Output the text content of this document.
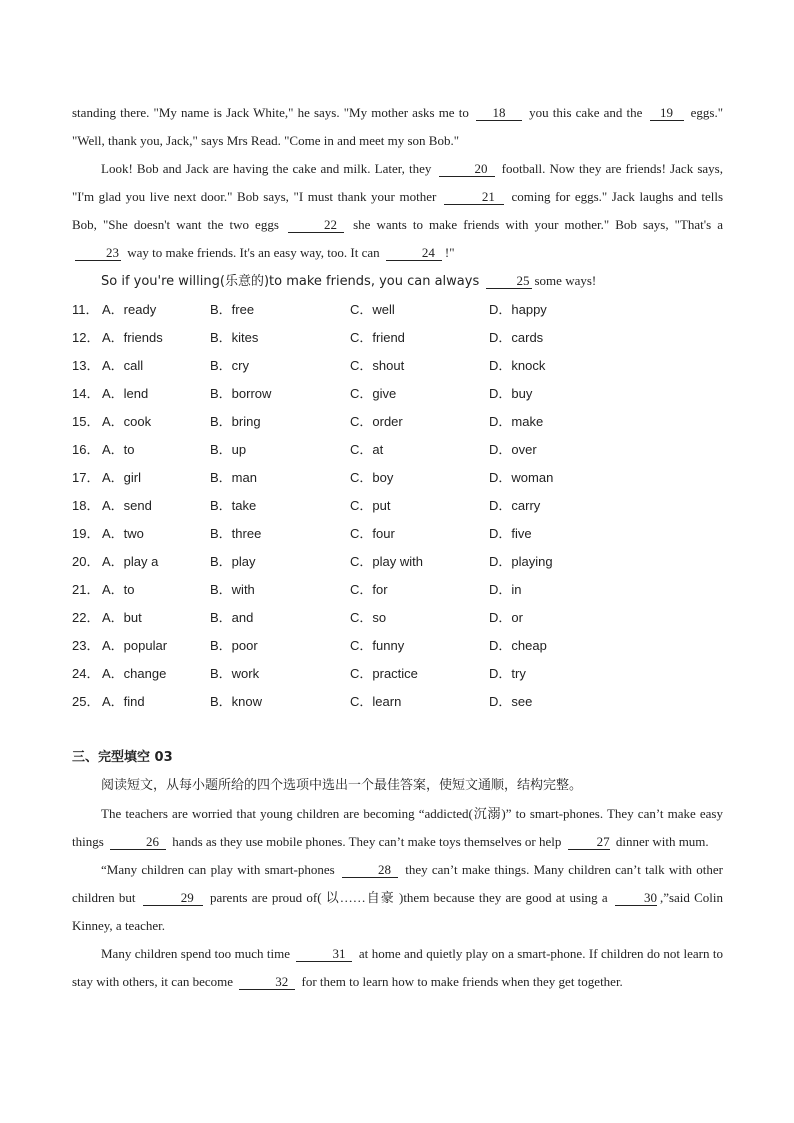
standing there. "My name is Jack White," he says. "My mother asks me to 18 you this cake and the 19 eggs." "Well, thank you, Jack," says Mrs Read. "Come in and meet my son Bob."

Look! Bob and Jack are having the cake and milk. Later, they	20 football. Now they are friends! Jack says, "I'm glad you live next door." Bob says, "I must thank your mother	21 coming for eggs." Jack laughs and tells Bob, "She doesn't want the two eggs	22 she wants to make friends with your mother." Bob says, "That's a 23 way to make friends. It's an easy way, too. It can	24 !"

So if you're willing(乐意的)to make friends, you can always	25 some ways!

11． A．ready	B．free	C．well	D．happy
12． A．friends	B．kites	C．friend	D．cards
13． A．call	B．cry	C．shout	D．knock
14． A．lend	B．borrow	C．give	D．buy
15． A．cook	B．bring	C．order	D．make
16． A．to	B．up	C．at	D．over
17． A．girl	B．man	C．boy	D．woman
18． A．send	B．take	C．put	D．carry
19． A．two	B．three	C．four	D．five
20． A．play a	B．play	C．play with	D．playing
21． A．to	B．with	C．for	D．in
22． A．but	B．and	C．so	D．or
23． A．popular	B．poor	C．funny	D．cheap
24． A．change	B．work	C．practice	D．try
25． A．find	B．know	C．learn	D．see
三、完型填空 03

阅读短文，从每小题所给的四个选项中选出一个最佳答案，使短文通顺，结构完整。

The teachers are worried that young children are becoming “addicted(沉溺)” to smart-phones. They can’t make easy things	26 hands as they use mobile phones. They can’t make toys themselves or help	27 dinner with mum.

“Many children can play with smart-phones	28 they can’t make things. Many children can’t talk with other children but	29 parents are proud of( 以……自豪 )them because they are good at using a	30 ,”said Colin Kinney, a teacher.

Many children spend too much time	31 at home and quietly play on a smart-phone. If children do not learn to stay with others, it can become	32 for them to learn how to make friends when they get together.
